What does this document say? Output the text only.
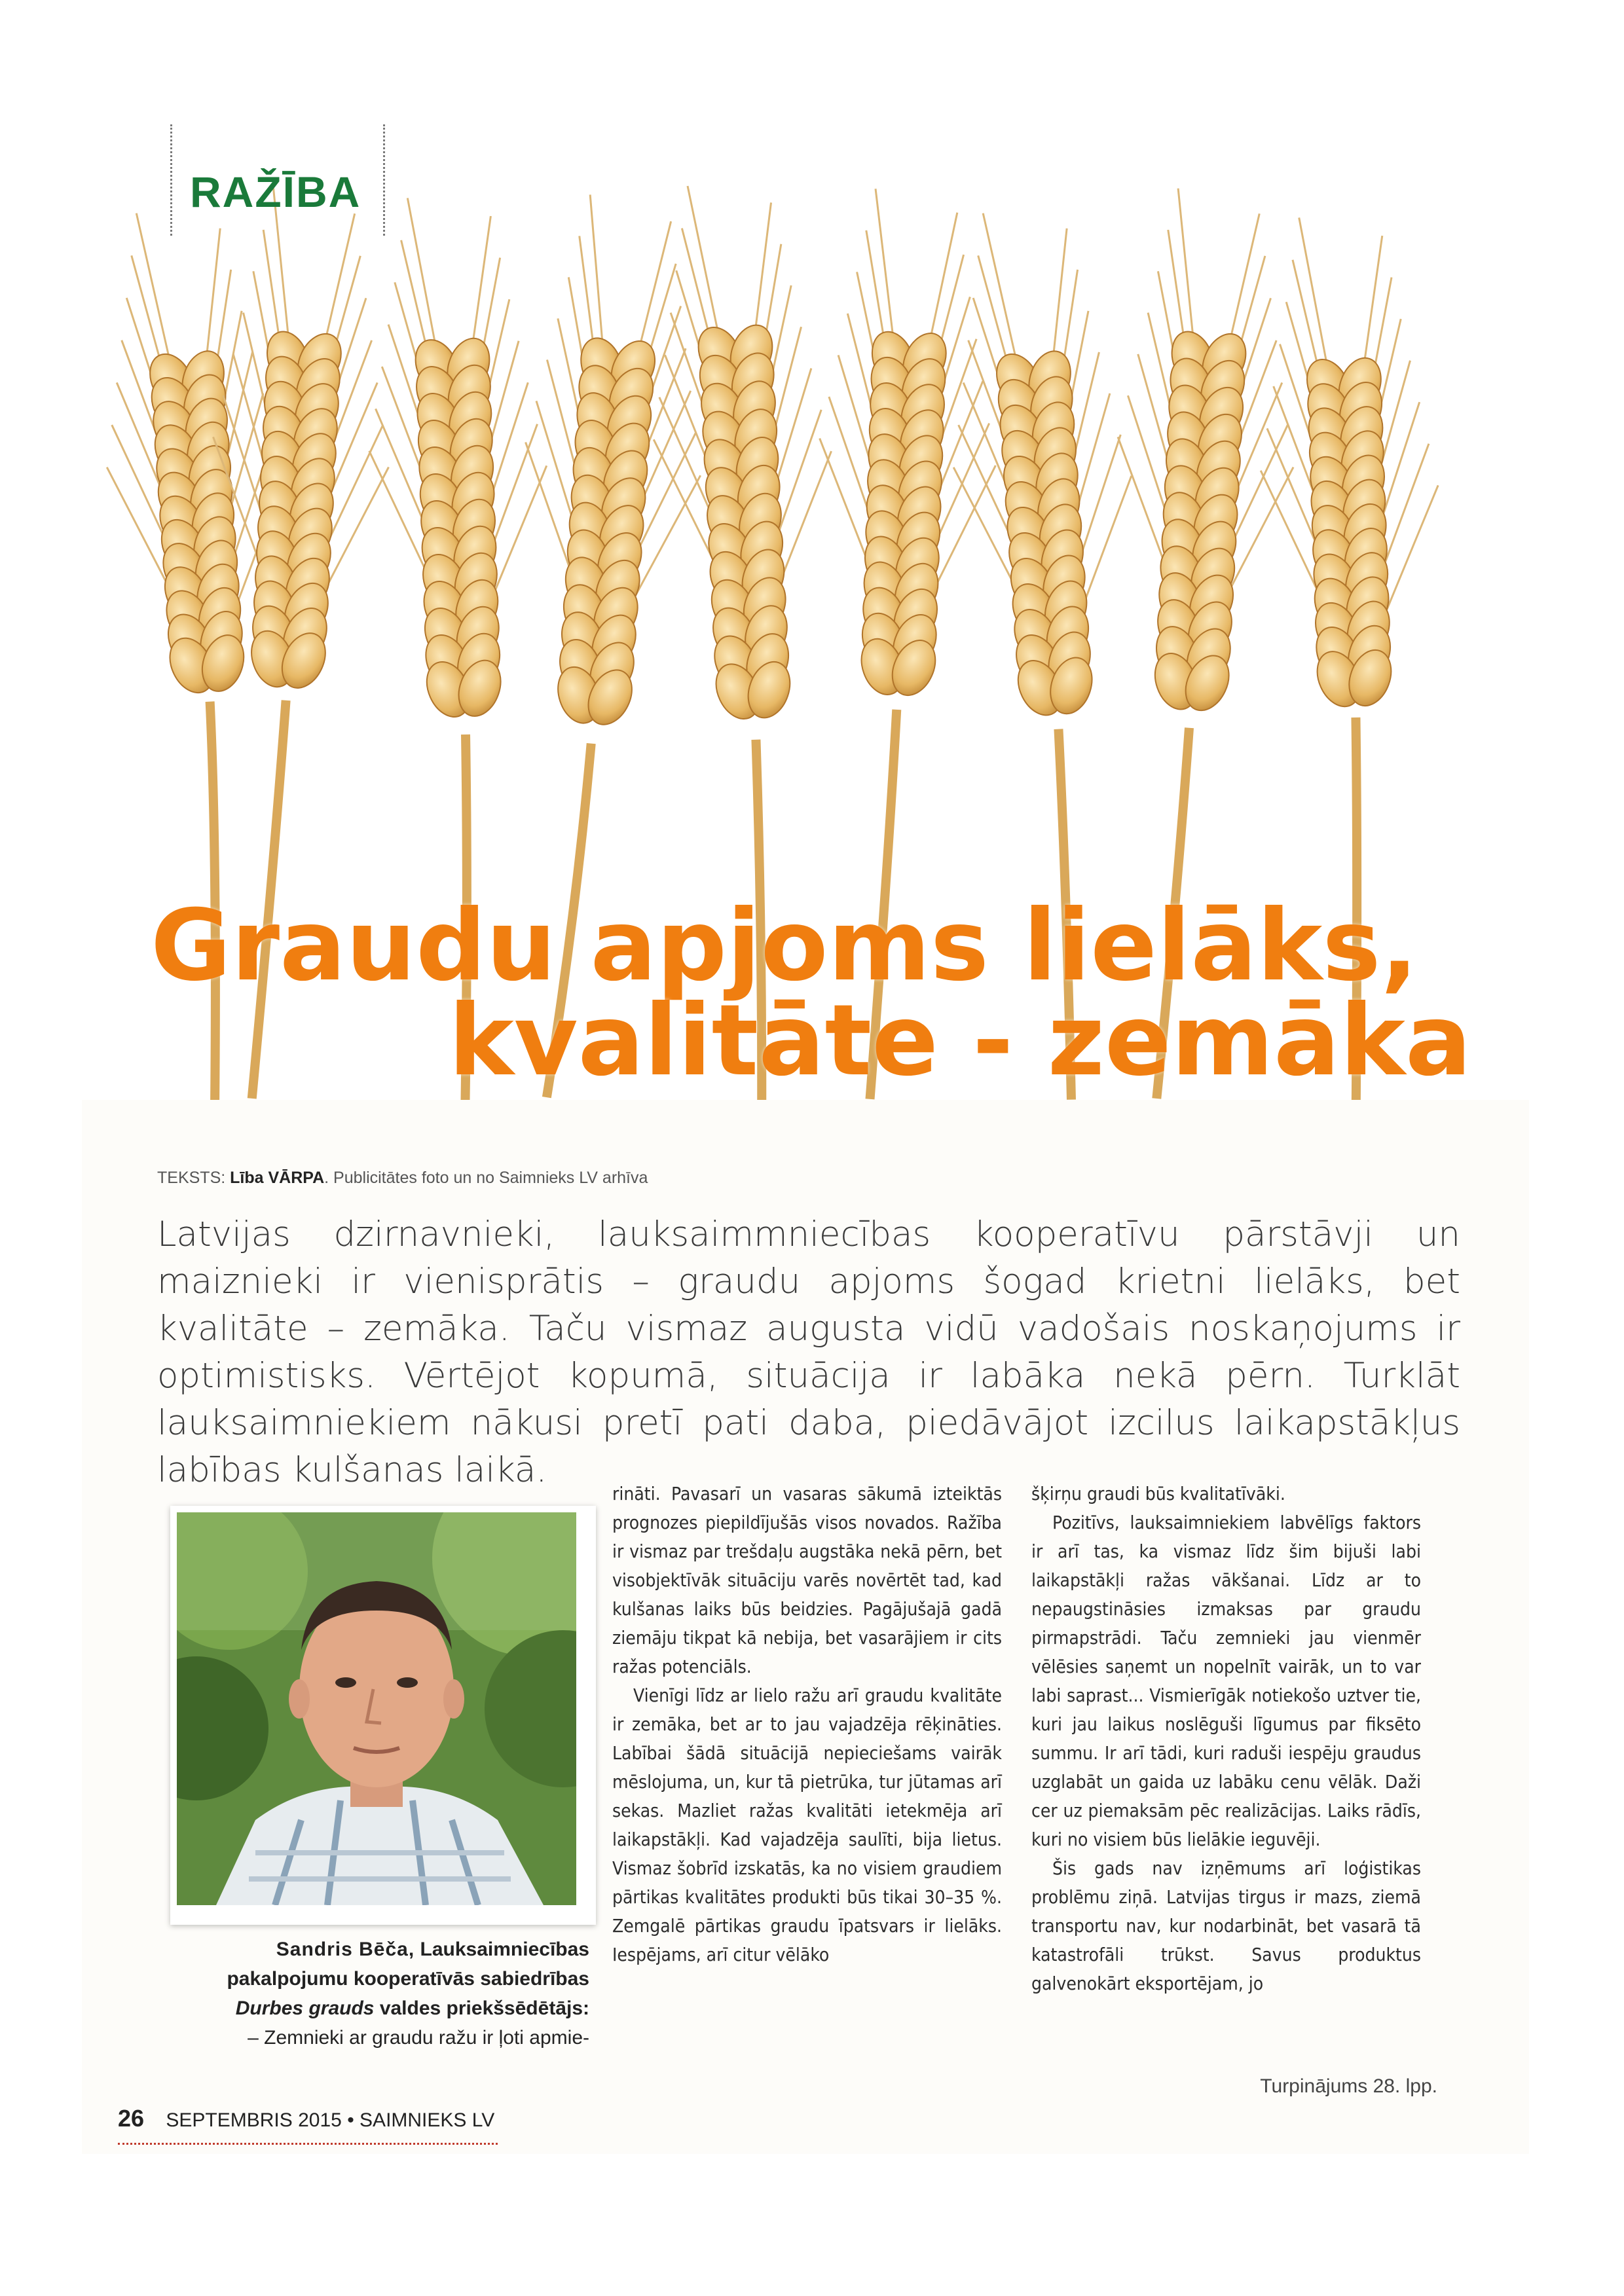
RAŽĪBA
Graudu apjoms lielāks,
kvalitāte - zemāka
TEKSTS: Lība VĀRPA. Publicitātes foto un no Saimnieks LV arhīva
Latvijas dzirnavnieki, lauksaimmniecības kooperatīvu pārstāvji un maiznieki ir vienisprātis – graudu apjoms šogad krietni lielāks, bet kvalitāte – zemāka. Taču vismaz augusta vidū vadošais noskaņojums ir optimistisks. Vērtējot kopumā, situācija ir labāka nekā pērn. Turklāt lauksaimniekiem nākusi pretī pati daba, piedāvājot izcilus laikapstākļus labības kulšanas laikā.
Sandris Bēča, Lauksaimniecības pakalpojumu kooperatīvās sabiedrības
Durbes grauds valdes priekšsēdētājs:
– Zemnieki ar graudu ražu ir ļoti apmie-

rināti. Pavasarī un vasaras sākumā izteiktās prognozes piepildījušās visos novados. Ražība ir vismaz par trešdaļu augstāka nekā pērn, bet visobjektīvāk situāciju varēs novērtēt tad, kad kulšanas laiks būs beidzies. Pagājušajā gadā ziemāju tikpat kā nebija, bet vasarājiem ir cits ražas potenciāls.

Vienīgi līdz ar lielo ražu arī graudu kvalitāte ir zemāka, bet ar to jau vajadzēja rēķināties. Labībai šādā situācijā nepieciešams vairāk mēslojuma, un, kur tā pietrūka, tur jūtamas arī sekas. Mazliet ražas kvalitāti ietekmēja arī laikapstākļi. Kad vajadzēja saulīti, bija lietus. Vismaz šobrīd izskatās, ka no visiem graudiem pārtikas kvalitātes produkti būs tikai 30–35 %. Zemgalē pārtikas graudu īpatsvars ir lielāks. Iespējams, arī citur vēlāko

šķirņu graudi būs kvalitatīvāki.

Pozitīvs, lauksaimniekiem labvēlīgs faktors ir arī tas, ka vismaz līdz šim bijuši labi laikapstākļi ražas vākšanai. Līdz ar to nepaugstināsies izmaksas par graudu pirmapstrādi. Taču zemnieki jau vienmēr vēlēsies saņemt un nopelnīt vairāk, un to var labi saprast... Vismierīgāk notiekošo uztver tie, kuri jau laikus noslēguši līgumus par fiksēto summu. Ir arī tādi, kuri raduši iespēju graudus uzglabāt un gaida uz labāku cenu vēlāk. Daži cer uz piemaksām pēc realizācijas. Laiks rādīs, kuri no visiem būs lielākie ieguvēji.

Šis gads nav izņēmums arī loģistikas problēmu ziņā. Latvijas tirgus ir mazs, ziemā transportu nav, kur nodarbināt, bet vasarā tā katastrofāli trūkst. Savus produktus galvenokārt eksportējam, jo

Turpinājums 28. lpp.
26 SEPTEMBRIS 2015 • SAIMNIEKS LV
